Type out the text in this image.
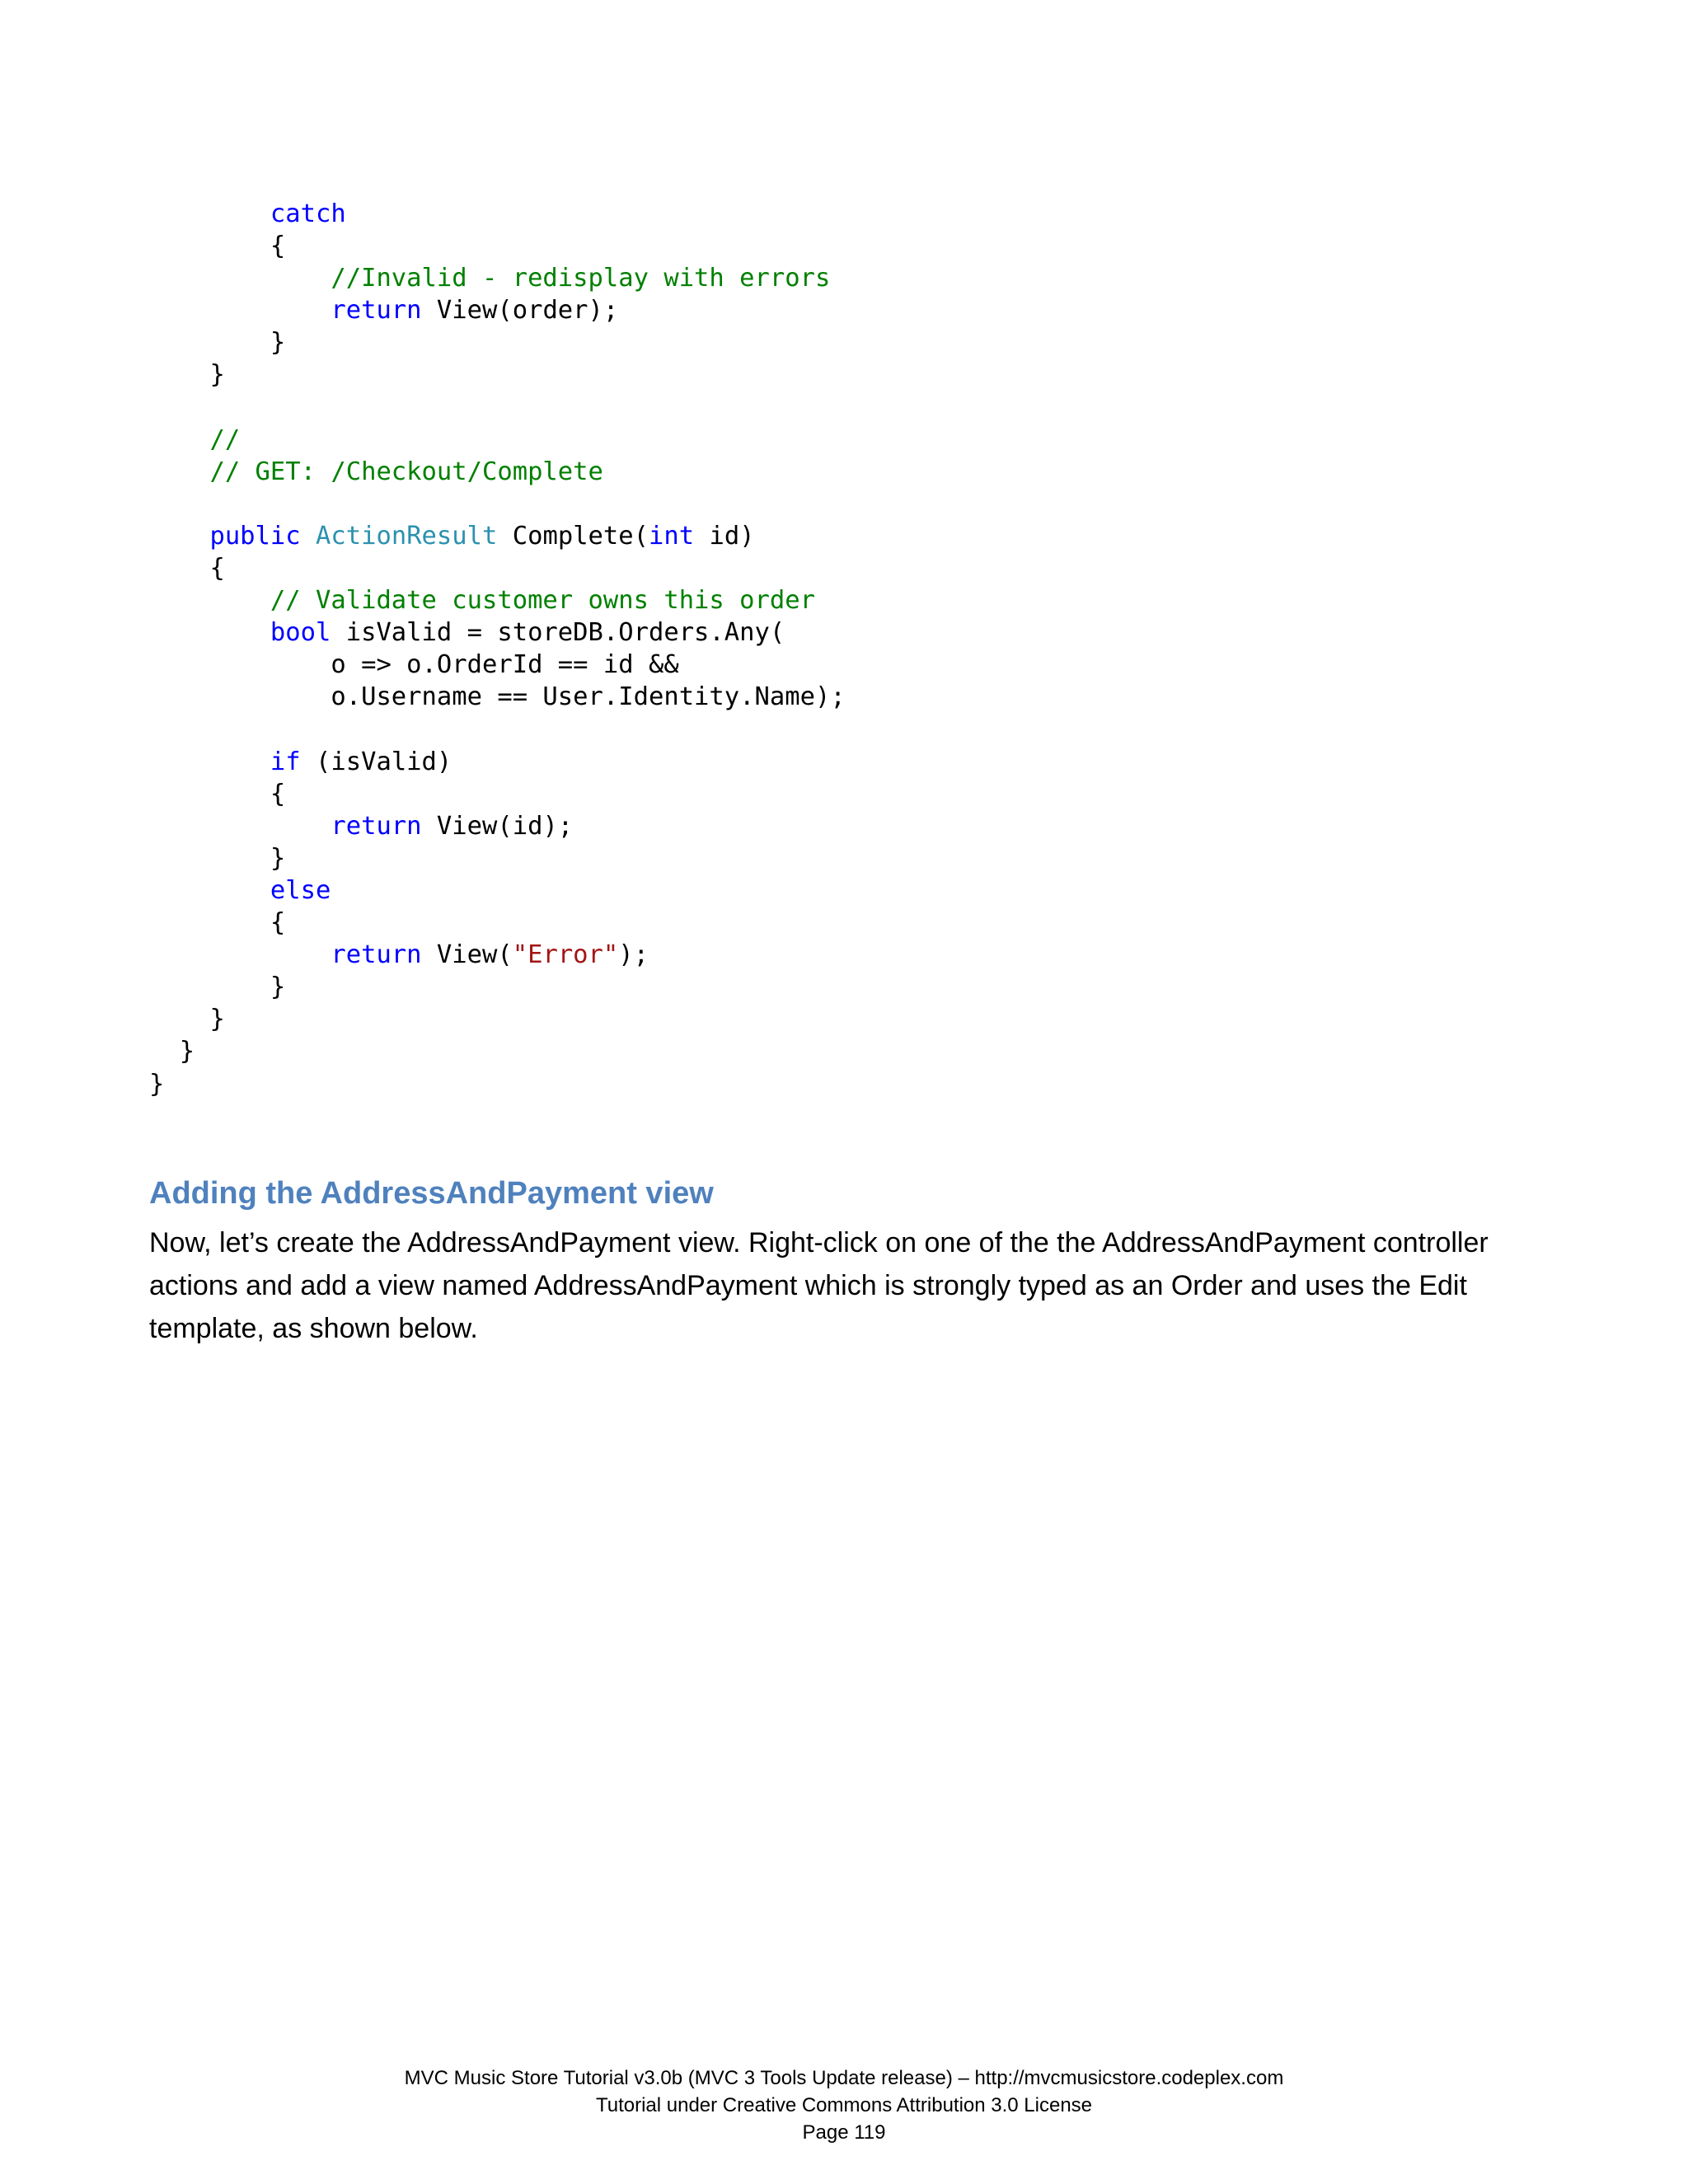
catch
{
//Invalid - redisplay with errors
return View(order);
}
}
//
// GET: /Checkout/Complete
public ActionResult Complete(int id)
{
// Validate customer owns this order
bool isValid = storeDB.Orders.Any(
o => o.OrderId == id &&
o.Username == User.Identity.Name);
if (isValid)
{
return View(id);
}
else
{
return View("Error");
}
}
}
}
Adding the AddressAndPayment view

Now, let’s create the AddressAndPayment view. Right-click on one of the the AddressAndPayment controller actions and add a view named AddressAndPayment which is strongly typed as an Order and uses the Edit template, as shown below.

MVC Music Store Tutorial v3.0b (MVC 3 Tools Update release) – http://mvcmusicstore.codeplex.com
Tutorial under Creative Commons Attribution 3.0 License
Page 119
